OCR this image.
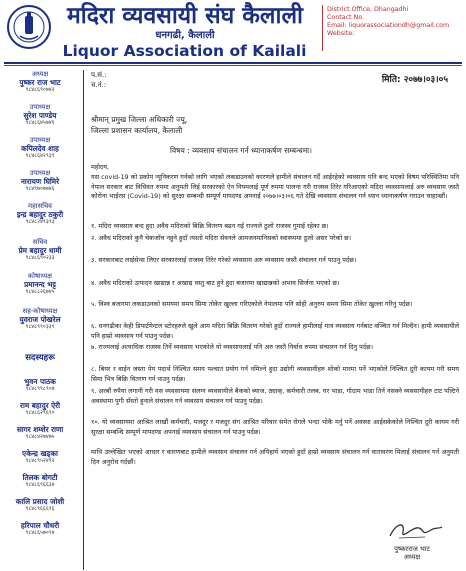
मदिरा व्यवसायी संघ कैलाली
धनगढी, कैलाली
Liquor Association of Kailali
District Office, Dhangadhi
Contact No.
Email: liquorassociationdh@gmail.com
Website:
अध्यक्ष
पुष्कर राज भाट
९८४८६९०७४२
उपाध्यक्ष
सुरेश पाण्डेय
९८४८६४५७४१
उपाध्यक्ष
कपिलदेव शाह
९८४८६४२९३९
उपाध्यक्ष
नारायण घिमिरे
९८४९७०७७४६
महासचिव
इन्द्र बहादुर ठकुरी
९८४८२४९३९३
सचिव
प्रेम बहादुर धामी
९८४८६९०२३३
कोषाध्यक्ष
प्रमानन्द भट्ट
९८४८८२६७४५
सह-कोषाध्यक्ष
युवराज पोखरेल
९८४८९९०३३९
सदस्यहरू
भुवन पाठक
९८४८९९८९०४
राम बहादुर ऐरी
९८४८६२९६९०
सागर शम्शेर राणा
९८४८४२७४७५
एकेन्द्र खड्का
९८४८९५२४९२
तिलक बोगटी
९८४८६९६६३४
कालि प्रसाद जोशी
९८४८९६६६९६
हरिपाल चौधरी
९८४८६५७०९४
प.सं.:
च.नं.:	मिति: २०७७।०३।०५
श्रीमान् प्रमुख जिल्ला अधिकारी ज्यू,
जिल्ला प्रशासन कार्यालय, कैलाली
विषय : व्यवसाय संचालन गर्न ध्यानाकर्षण सम्बन्धमा।
महोदय,
यस covid-19 को प्रकोप न्यूनिकरण गर्नको लागि भएको लकडाउनको कारणले हामीले संचालन गर्दै आईरहेको व्यवसाय पनि बन्द भएको विषम परिस्थितिमा पनि नेपाल सरकार बाट विधिवत रुपमा अनुमती लिई सरकारको ऐन नियमलाई पूर्ण रुपमा पालना गरी राजस्व तिरेर गरिआएको मदिरा व्यवसायलाई अरु व्यवसाय जस्तै कोरोना भाईरस (Covid-19) को सुरक्षा सम्बन्धी सम्पूर्ण मापदण्ड अपनाई २०७७।०३।०६ गते देखि व्यवसाय संचालन गर्न ध्यान ध्यानाकर्षण गराउन चाहान्छौं।
१. मदिरा व्यवसाय बन्द हुदा अवैध मदिराको बिक्रि वितरण बढन गई राज्यले ठुलो राजस्व गुमाई रहेका छ।
२. अवैध मदिराको कुनै चेकजाँच नहुने हुदाँ त्यस्तो मदिरा सेवनले आमजनमानिसको स्वास्थ्यमा ठुलो असर परेको छ।
३. सरकारबाट लाईसेन्स लिएर सरकारलाई राजस्व तिरेर गरेको व्यवसाय अरु व्यवसाय जस्तै संचालन गर्न पाउनु पर्दछ।
४. अवैध मदिराको उत्पादन खाद्यान्न र अखाद्य वस्तु बाट हुने हुदा बजारमा खाद्यान्नको अभाव सिर्जना भएको छ।
५. विश्व बजारमा लकडाउनको समयमा समय सिमा तोकेर खुल्ला गरिएकोले नेपालमा पनि सोही अनुरुप समय सिमा तोकेर खुल्ला गरिनु पर्दछ।
६. धनगढीका केही डिपार्टमेन्टल स्टोरहरुले खुले आम मदिरा बिक्रि वितरण गरेको हुदाँ राज्यले हामीलाई मात्र व्यवसाय गर्नबाट वञ्चित गर्न मिल्दैन। हामी व्यवसायीले पनि हाम्रो व्यवसाय गर्न पाउनु पर्दछ।
७. राज्यलाई अत्याधिक राजस्व तिर्ने व्यवसाय भएकोले यो व्यवसायलाई पनि अरु जस्तै निर्वाध रुपमा संचालन गर्न दिनु पर्दछ।
८. बियर र वाईन जस्ता पेय पदार्थ निश्चित समय पश्चात प्रयोग गर्न नमिल्ने हुदा उद्योगी व्यवसायीहरु शोको मारमा पर्ने भएकोले निश्चित दुरी कायम गरी समय सिमा भित्र बिक्रि वितरण गर्न पाउनु पर्दछ।
९. अरबौं रुपैया लगानी गरी यस व्यवसायमा संलग्न व्यवसायीले बैकको ब्याज, ठ्याक्, कर्मचारी तलब, घर भाडा, गोदाम भाडा तिर्न नसक्ने व्यवसायीहरु टाट पल्टिने अवस्थामा पुगी सँस्तो हुनाले संचालन गर्न व्यवसाय संचालन गर्न पाउनु पर्दछ।
१०. यो व्यवसायमा आश्रित लाखौं कर्मचारी, मजदुर र मजदुर संग आश्रित परिवार समेत रोगले भन्दा भोकै मर्नु पर्ने अवस्था आईसकेकोले निश्चित दुरी कायम गरी सुरक्षा सम्बन्धि सम्पूर्ण मापदण्ड अपनाई व्यवसाय संचालन गर्न पाउनु पर्दछ।
माथि उल्लेखित भएको आधार र कारणबाट हामीले व्यवसाय संचालन गर्न अपिहार्य भएको हुदाँ हाम्रो व्यवसाय संचालन गर्न वातावरण मिलाई संचालन गर्न अनुमती दिन अनुरोध गर्दछौं।
पुष्करराज भाट
अध्यक्ष
